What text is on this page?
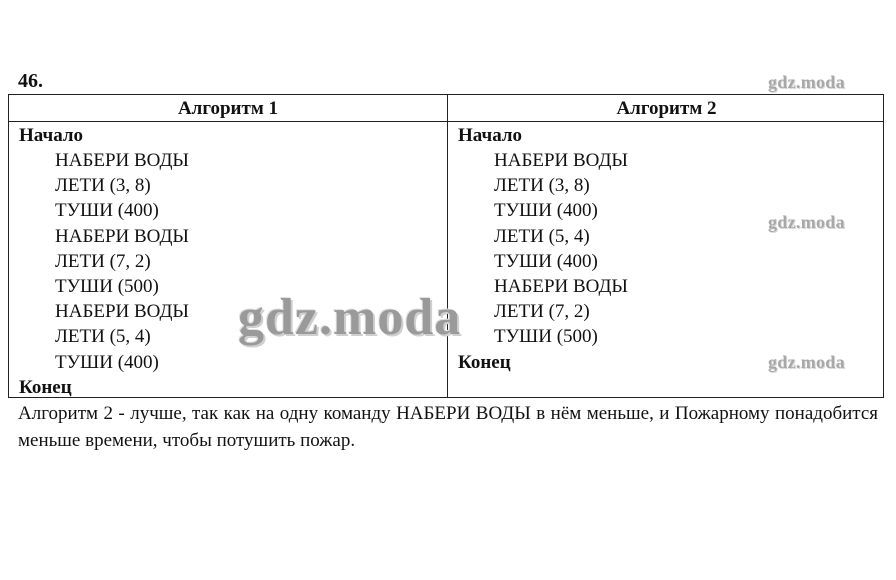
46.	gdz.moda
Алгоритм 1	Алгоритм 2
Начало
НАБЕРИ ВОДЫ
ЛЕТИ (3, 8)
ТУШИ (400)
НАБЕРИ ВОДЫ
ЛЕТИ (7, 2)
ТУШИ (500)
НАБЕРИ ВОДЫ
ЛЕТИ (5, 4)
ТУШИ (400)
Конец
Начало
НАБЕРИ ВОДЫ
ЛЕТИ (3, 8)
ТУШИ (400)
ЛЕТИ (5, 4)
ТУШИ (400)
НАБЕРИ ВОДЫ
ЛЕТИ (7, 2)
ТУШИ (500)
Конец
gdz.moda
gdz.moda
gdz.moda
Алгоритм 2 - лучше, так как на одну команду НАБЕРИ ВОДЫ в нём меньше, и Пожарному понадобится меньше времени, чтобы потушить пожар.
